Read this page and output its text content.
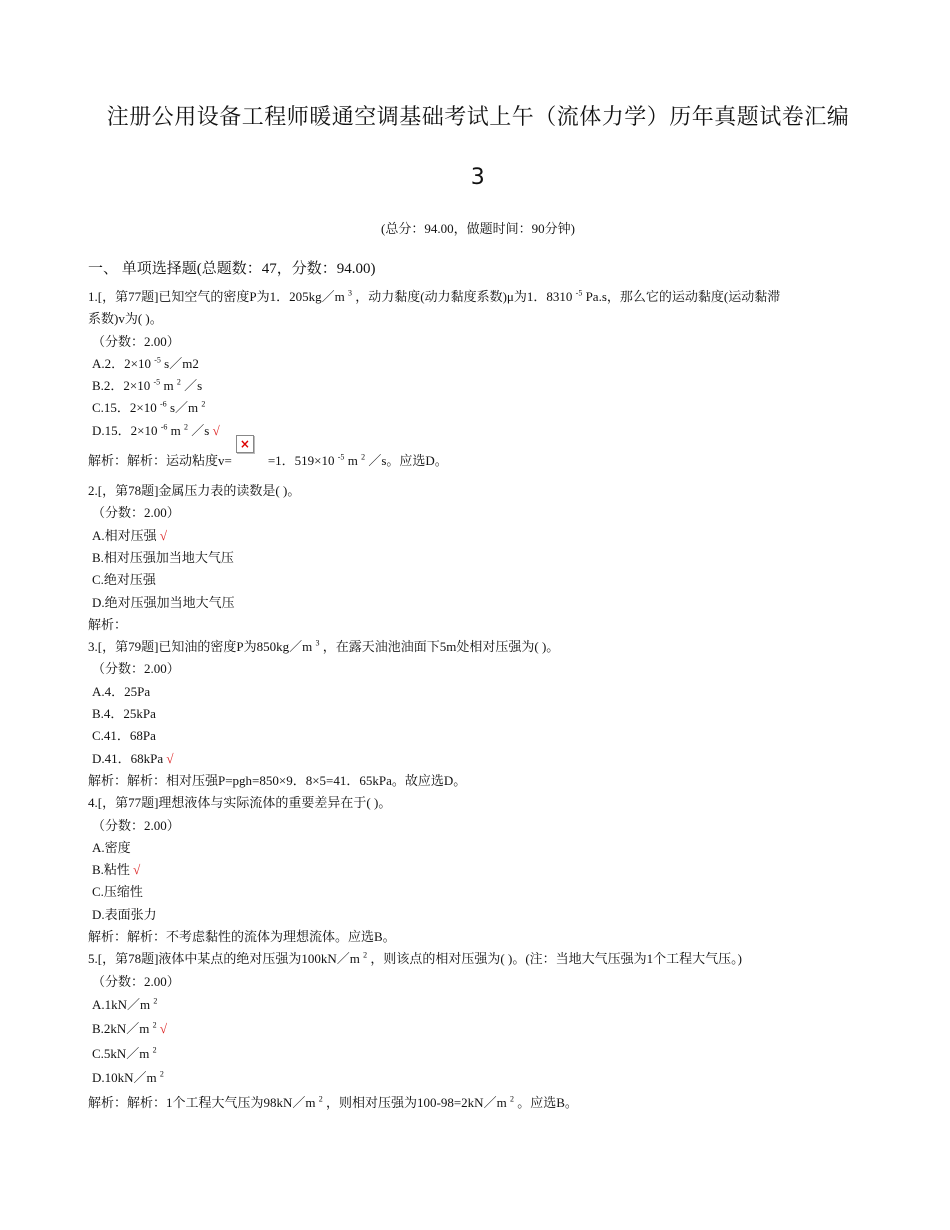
注册公用设备工程师暖通空调基础考试上午（流体力学）历年真题试卷汇编
3
(总分：94.00，做题时间：90分钟)
一、 单项选择题(总题数：47，分数：94.00)
1.[，第77题]已知空气的密度P为1．205kg／m $^3$ ，动力黏度(动力黏度系数)μ为1．8310 $^{-5}$ Pa.s，那么它的运动黏度(运动黏滞
系数)v为( )。
（分数：2.00）
A.2．2×10 $^{-5}$ s／m2
B.2．2×10 $^{-5}$ m $^2$ ／s
C.15．2×10 $^{-6}$ s／m $^2$
D.15．2×10 $^{-6}$ m $^2$ ／s √
解析：解析：运动粘度v=
×
=1．519×10 $^{-5}$ m $^2$ ／s。应选D。
2.[，第78题]金属压力表的读数是( )。
（分数：2.00）
A.相对压强 √
B.相对压强加当地大气压
C.绝对压强
D.绝对压强加当地大气压
解析：
3.[，第79题]已知油的密度P为850kg／m $^3$ ，在露天油池油面下5m处相对压强为( )。
（分数：2.00）
A.4．25Pa
B.4．25kPa
C.41．68Pa
D.41．68kPa √
解析：解析：相对压强P=pgh=850×9．8×5=41．65kPa。故应选D。
4.[，第77题]理想液体与实际流体的重要差异在于( )。
（分数：2.00）
A.密度
B.粘性 √
C.压缩性
D.表面张力
解析：解析：不考虑黏性的流体为理想流体。应选B。
5.[，第78题]液体中某点的绝对压强为100kN／m $^2$ ，则该点的相对压强为( )。(注：当地大气压强为1个工程大气压。)
（分数：2.00）
A.1kN／m $^2$
B.2kN／m $^2$ √
C.5kN／m $^2$
D.10kN／m $^2$
解析：解析：1个工程大气压为98kN／m $^2$ ，则相对压强为100-98=2kN／m $^2$ 。应选B。
